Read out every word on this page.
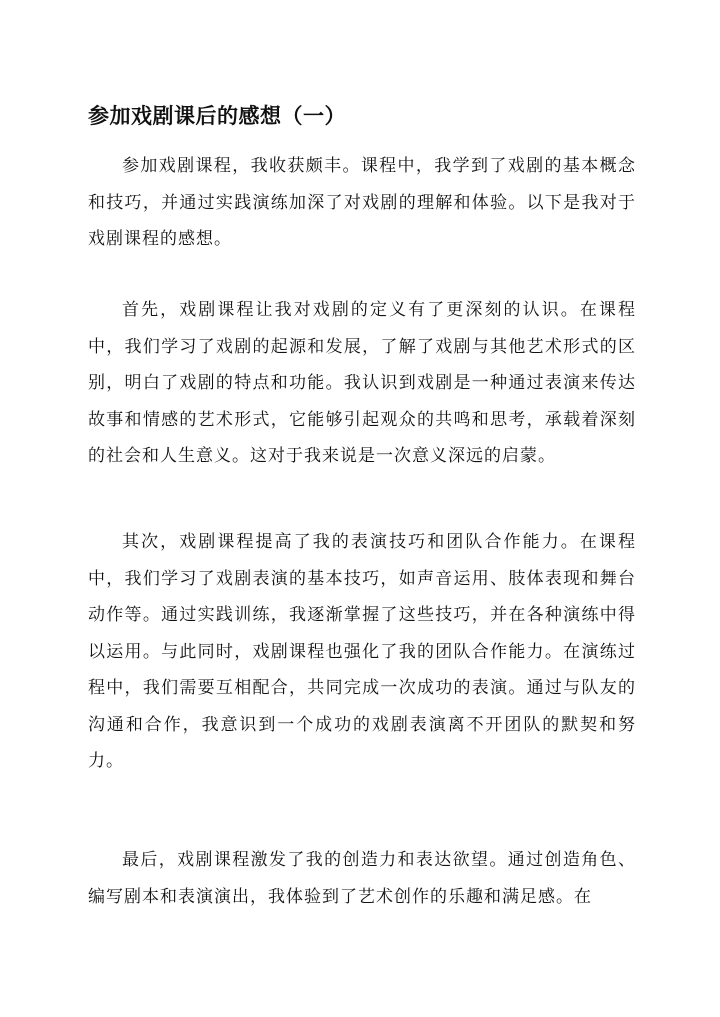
参加戏剧课后的感想（一）

参加戏剧课程，我收获颇丰。课程中，我学到了戏剧的基本概念和技巧，并通过实践演练加深了对戏剧的理解和体验。以下是我对于戏剧课程的感想。

首先，戏剧课程让我对戏剧的定义有了更深刻的认识。在课程中，我们学习了戏剧的起源和发展，了解了戏剧与其他艺术形式的区别，明白了戏剧的特点和功能。我认识到戏剧是一种通过表演来传达故事和情感的艺术形式，它能够引起观众的共鸣和思考，承载着深刻的社会和人生意义。这对于我来说是一次意义深远的启蒙。

其次，戏剧课程提高了我的表演技巧和团队合作能力。在课程中，我们学习了戏剧表演的基本技巧，如声音运用、肢体表现和舞台动作等。通过实践训练，我逐渐掌握了这些技巧，并在各种演练中得以运用。与此同时，戏剧课程也强化了我的团队合作能力。在演练过程中，我们需要互相配合，共同完成一次成功的表演。通过与队友的沟通和合作，我意识到一个成功的戏剧表演离不开团队的默契和努力。

最后，戏剧课程激发了我的创造力和表达欲望。通过创造角色、编写剧本和表演演出，我体验到了艺术创作的乐趣和满足感。在
